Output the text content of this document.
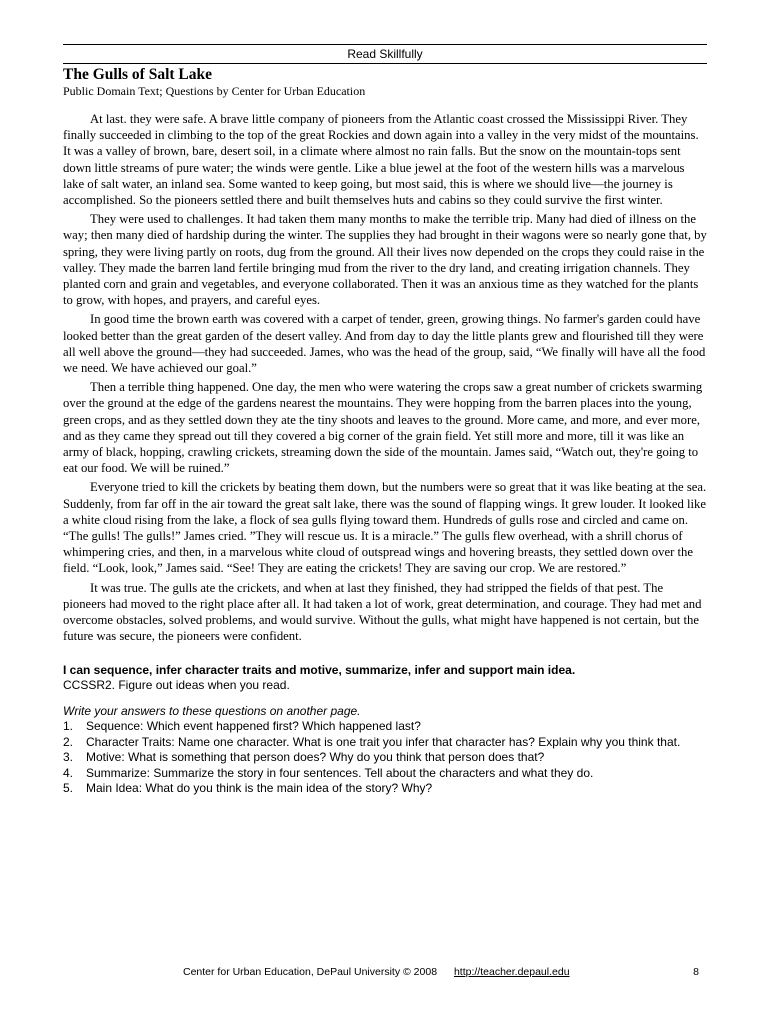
Read Skillfully
The Gulls of Salt Lake

Public Domain Text; Questions by Center for Urban Education

At last. they were safe. A brave little company of pioneers from the Atlantic coast crossed the Mississippi River. They finally succeeded in climbing to the top of the great Rockies and down again into a valley in the very midst of the mountains. It was a valley of brown, bare, desert soil, in a climate where almost no rain falls. But the snow on the mountain-tops sent down little streams of pure water; the winds were gentle. Like a blue jewel at the foot of the western hills was a marvelous lake of salt water, an inland sea. Some wanted to keep going, but most said, this is where we should live—the journey is accomplished. So the pioneers settled there and built themselves huts and cabins so they could survive the first winter.

They were used to challenges. It had taken them many months to make the terrible trip. Many had died of illness on the way; then many died of hardship during the winter. The supplies they had brought in their wagons were so nearly gone that, by spring, they were living partly on roots, dug from the ground. All their lives now depended on the crops they could raise in the valley. They made the barren land fertile bringing mud from the river to the dry land, and creating irrigation channels. They planted corn and grain and vegetables, and everyone collaborated. Then it was an anxious time as they watched for the plants to grow, with hopes, and prayers, and careful eyes.

In good time the brown earth was covered with a carpet of tender, green, growing things. No farmer's garden could have looked better than the great garden of the desert valley. And from day to day the little plants grew and flourished till they were all well above the ground—they had succeeded. James, who was the head of the group, said, “We finally will have all the food we need. We have achieved our goal.”

Then a terrible thing happened. One day, the men who were watering the crops saw a great number of crickets swarming over the ground at the edge of the gardens nearest the mountains. They were hopping from the barren places into the young, green crops, and as they settled down they ate the tiny shoots and leaves to the ground. More came, and more, and ever more, and as they came they spread out till they covered a big corner of the grain field. Yet still more and more, till it was like an army of black, hopping, crawling crickets, streaming down the side of the mountain. James said, “Watch out, they're going to eat our food. We will be ruined.”

Everyone tried to kill the crickets by beating them down, but the numbers were so great that it was like beating at the sea. Suddenly, from far off in the air toward the great salt lake, there was the sound of flapping wings. It grew louder. It looked like a white cloud rising from the lake, a flock of sea gulls flying toward them. Hundreds of gulls rose and circled and came on. “The gulls! The gulls!” James cried. ”They will rescue us. It is a miracle.” The gulls flew overhead, with a shrill chorus of whimpering cries, and then, in a marvelous white cloud of outspread wings and hovering breasts, they settled down over the field. “Look, look,” James said. “See! They are eating the crickets! They are saving our crop. We are restored.”

It was true. The gulls ate the crickets, and when at last they finished, they had stripped the fields of that pest. The pioneers had moved to the right place after all. It had taken a lot of work, great determination, and courage. They had met and overcome obstacles, solved problems, and would survive. Without the gulls, what might have happened is not certain, but the future was secure, the pioneers were confident.

I can sequence, infer character traits and motive, summarize, infer and support main idea.
CCSSR2. Figure out ideas when you read.
Write your answers to these questions on another page.
1. Sequence: Which event happened first? Which happened last?
2. Character Traits: Name one character. What is one trait you infer that character has? Explain why you think that.
3. Motive: What is something that person does? Why do you think that person does that?
4. Summarize: Summarize the story in four sentences. Tell about the characters and what they do.
5. Main Idea: What do you think is the main idea of the story? Why?
Center for Urban Education, DePaul University © 2008 http://teacher.depaul.edu	8
